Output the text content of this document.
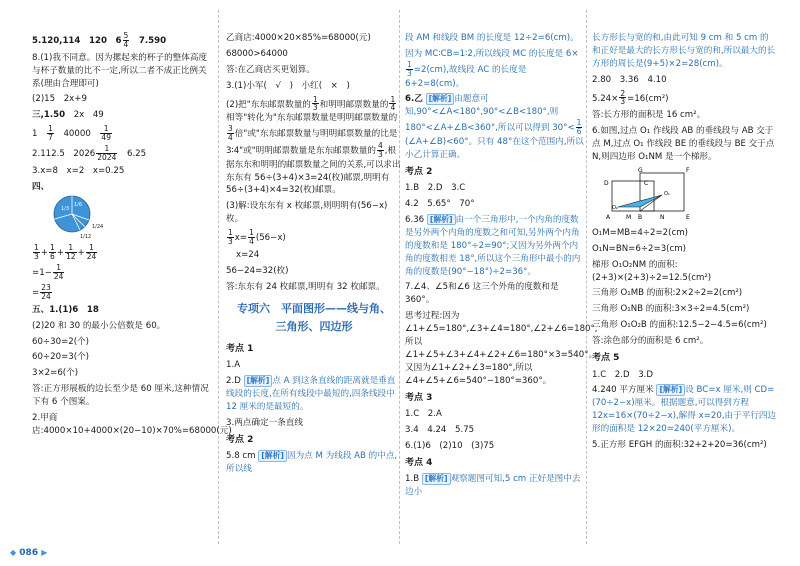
5.120,114　120　$6 \frac{5}{4}$
　 7.590

8.(1)我不同意。因为摞起来的杯子的整体高度与杯子数量的比不一定,所以二者不成正比例关系(理由合理即可)

(2)15　2x+9

三,1.50　 2x　49

1　 $\frac{1}{7}$
　 40000　 $\frac{1}{49}$

2.112.5　$2026 \frac{1}{2024}$
　 6.25

3.x=8　x=2　x=0.25

四、

1/3
1/6
1/24
1/12

$\frac{1}{3} + \frac{1}{6} + \frac{1}{12} + \frac{1}{24}$

$=1- \frac{1}{24}$

= $\frac{23}{24}$

五、1.(1)6　18

(2)20 和 30 的最小公倍数是 60。

60÷30=2(个)

60÷20=3(个)

3×2=6(个)

答:正方形展板的边长至少是 60 厘米,这种情况下有 6 个图案。

2.甲商店:4000×10+4000×(20−10)×70%=68000(元)

乙商店:4000×20×85%=68000(元)

68000>64000

答:在乙商店买更划算。

3.(1)小军(　√　)　小红(　×　)

(2)把"东东邮票数量的 $\frac{1}{3}$ 和明明邮票数量的 $\frac{1}{4}$
相等"转化为"东东邮票数量是明明邮票数量的
$\frac{3}{4}$ 倍"或"东东邮票数量与明明邮票数量的比是 3∶4"或"明明邮票数量是东东邮票数量的 $\frac{4}{3}$ ,根据东东和明明的邮票数量之间的关系,可以求出东东有 56÷(3+4)×3=24(枚)邮票,明明有 56÷(3+4)×4=32(枚)邮票。

(3)解:设东东有 x 枚邮票,则明明有(56−x)枚。

$\frac{1}{3} x= \frac{1}{4} (56-x)$

x=24

56−24=32(枚)

答:东东有 24 枚邮票,明明有 32 枚邮票。

专项六　平面图形——线与角、
三角形、四边形

考点 1

1.A

2.D [解析] 点 A 到这条直线的距离就是垂直线段的长度,在所有线段中最短的,四条线段中 12 厘米的是最短的。

3.两点确定一条直线

考点 2

5.8 cm [解析] 因为点 M 为线段 AB 的中点,所以线

段 AM 和线段 BM 的长度是 12÷2=6(cm)。

因为 MC∶CB=1∶2,所以线段 MC 的长度是 6×
$\frac{1}{3} =2(cm)$,故线段 AC 的长度是 6+2=8(cm)。

6.乙 [解析] 由题意可知,90°<∠A<180°,90°<∠B<180°,则 180°<∠A+∠B<360°,所以可以得到 $30^\circ< \frac{1}{6}$
(∠A+∠B)<60°。只有 48°在这个范围内,所以小乙计算正确。

考点 2

1.B　2.D　3.C

4.2　5.65°　70°

6.36 [解析] 由一个三角形中,一个内角的度数是另外两个内角的度数之和可知,另外两个内角的度数和是 180°÷2=90°;又因为另外两个内角的度数相差 18°,所以这个三角形中最小的内角的度数是(90°−18°)÷2=36°。

7.∠4、∠5和∠6 这三个外角的度数和是 360°。

思考过程:因为∠1+∠5=180°,∠3+∠4=180°,∠2+∠6=180°,所以∠1+∠5+∠3+∠4+∠2+∠6=180°×3=540°。又因为∠1+∠2+∠3=180°,所以∠4+∠5+∠6=540°−180°=360°。

考点 3

1.C　2.A

3.4　4.24　5.75

6.(1)6　(2)10　(3)75

考点 4

1.B [解析] 观察题图可知,5 cm 正好是图中去边小

长方形长与宽的和,由此可知 9 cm 和 5 cm 的和正好是最大的长方形长与宽的和,所以最大的长方形的周长是(9+5)×2=28(cm)。

2.80　3.36　4.10

$5.24\times \frac{2}{3} =16(cm^2)$

答:长方形的面积是 16 cm²。

6.如图,过点 O₁ 作线段 AB 的垂线段与 AB 交于点 M,过点 O₁ 作线段 BE 的垂线段与 BE 交于点 N,则四边形 O₁NM 是一个梯形。

D	C
G	F
O₂
A	M B	N	E
O₁

O₁M=MB=4÷2=2(cm)

O₁N=BN=6÷2=3(cm)

梯形 O₁O₂NM 的面积:(2+3)×(2+3)÷2=12.5(cm²)

三角形 O₁MB 的面积:2×2÷2=2(cm²)

三角形 O₁NB 的面积:3×3÷2=4.5(cm²)

三角形 O₁O₂B 的面积:12.5−2−4.5=6(cm²)

答:涂色部分的面积是 6 cm²。

考点 5

1.C　2.D　3.D

4.240 平方厘米 [解析] 设 BC=x 厘米,则 CD=(70÷2−x)厘米。根据题意,可以得到方程 12x=16×(70÷2−x),解得 x=20,由于平行四边形的面积是 12×20=240(平方厘米)。

5.正方形 EFGH 的面积:32+2+20=36(cm²)

◆ 086 ▶
